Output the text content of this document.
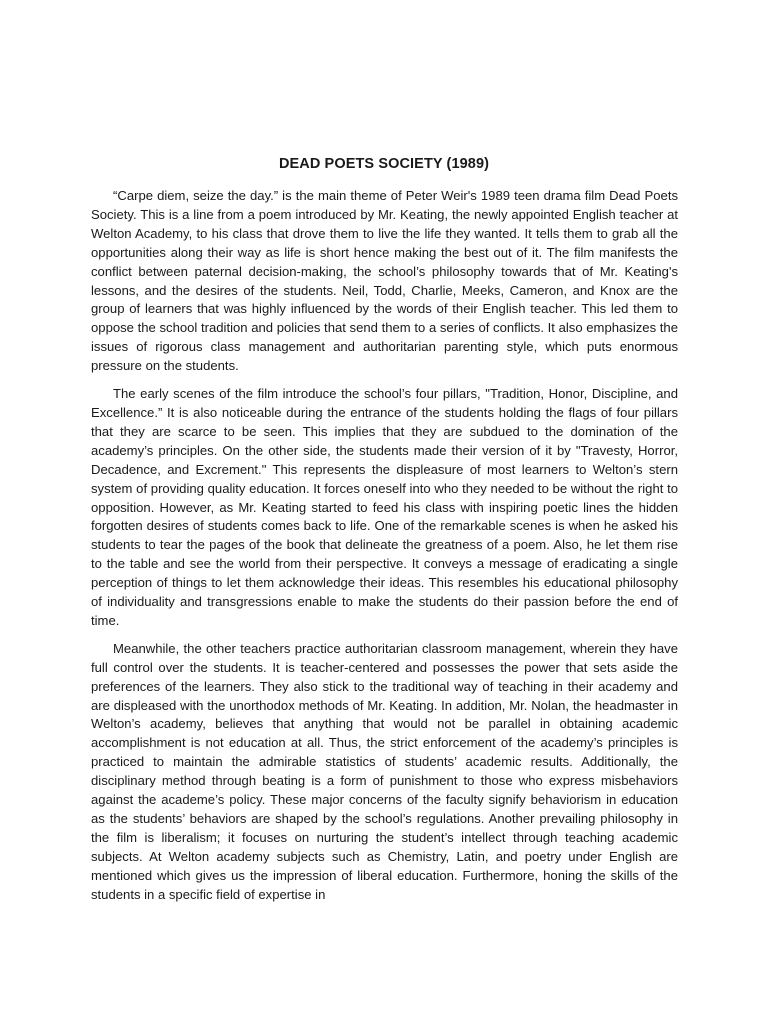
DEAD POETS SOCIETY (1989)

“Carpe diem, seize the day.” is the main theme of Peter Weir's 1989 teen drama film Dead Poets Society. This is a line from a poem introduced by Mr. Keating, the newly appointed English teacher at Welton Academy, to his class that drove them to live the life they wanted. It tells them to grab all the opportunities along their way as life is short hence making the best out of it. The film manifests the conflict between paternal decision-making, the school’s philosophy towards that of Mr. Keating's lessons, and the desires of the students. Neil, Todd, Charlie, Meeks, Cameron, and Knox are the group of learners that was highly influenced by the words of their English teacher. This led them to oppose the school tradition and policies that send them to a series of conflicts. It also emphasizes the issues of rigorous class management and authoritarian parenting style, which puts enormous pressure on the students.

The early scenes of the film introduce the school’s four pillars, "Tradition, Honor, Discipline, and Excellence.” It is also noticeable during the entrance of the students holding the flags of four pillars that they are scarce to be seen. This implies that they are subdued to the domination of the academy’s principles. On the other side, the students made their version of it by "Travesty, Horror, Decadence, and Excrement." This represents the displeasure of most learners to Welton’s stern system of providing quality education. It forces oneself into who they needed to be without the right to opposition. However, as Mr. Keating started to feed his class with inspiring poetic lines the hidden forgotten desires of students comes back to life. One of the remarkable scenes is when he asked his students to tear the pages of the book that delineate the greatness of a poem. Also, he let them rise to the table and see the world from their perspective. It conveys a message of eradicating a single perception of things to let them acknowledge their ideas. This resembles his educational philosophy of individuality and transgressions enable to make the students do their passion before the end of time.

Meanwhile, the other teachers practice authoritarian classroom management, wherein they have full control over the students. It is teacher-centered and possesses the power that sets aside the preferences of the learners. They also stick to the traditional way of teaching in their academy and are displeased with the unorthodox methods of Mr. Keating. In addition, Mr. Nolan, the headmaster in Welton’s academy, believes that anything that would not be parallel in obtaining academic accomplishment is not education at all. Thus, the strict enforcement of the academy’s principles is practiced to maintain the admirable statistics of students’ academic results. Additionally, the disciplinary method through beating is a form of punishment to those who express misbehaviors against the academe’s policy. These major concerns of the faculty signify behaviorism in education as the students’ behaviors are shaped by the school’s regulations. Another prevailing philosophy in the film is liberalism; it focuses on nurturing the student’s intellect through teaching academic subjects. At Welton academy subjects such as Chemistry, Latin, and poetry under English are mentioned which gives us the impression of liberal education. Furthermore, honing the skills of the students in a specific field of expertise in
